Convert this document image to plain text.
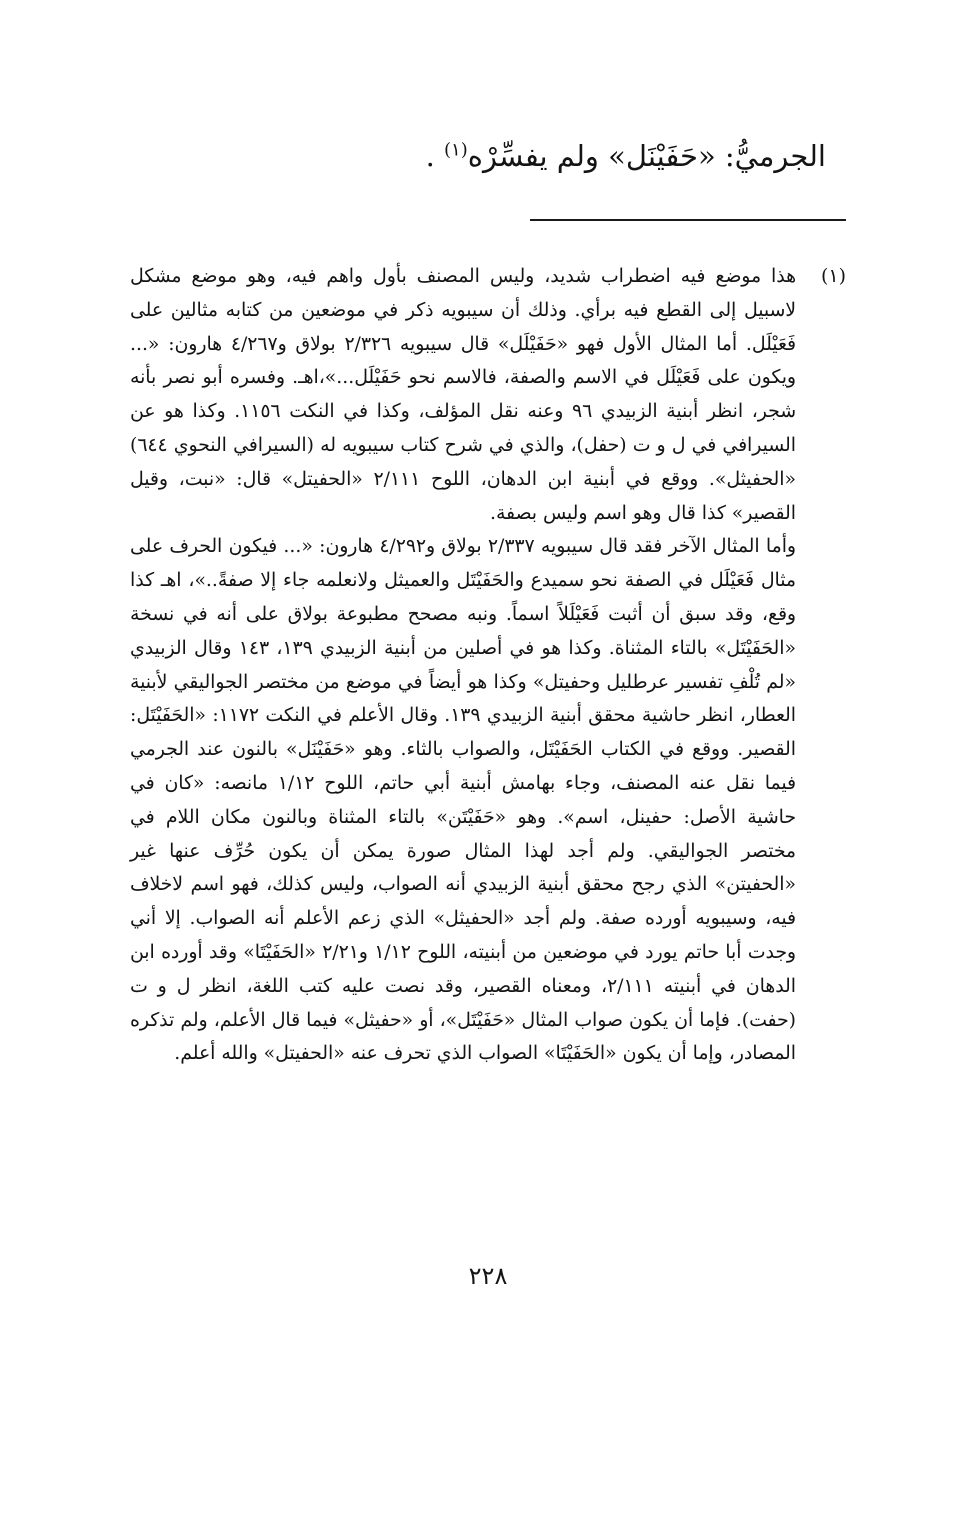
الجرميُّ: «حَفَيْنَل» ولم يفسِّرْه$^{(١)}$ .
(١)

هذا موضع فيه اضطراب شديد، وليس المصنف بأول واهم فيه، وهو موضع مشكل لاسبيل إلى القطع فيه برأي. وذلك أن سيبويه ذكر في موضعين من كتابه مثالين على فَعَيْلَل. أما المثال الأول فهو «حَفَيْلَل» قال سيبويه ٢/٣٢٦ بولاق و٤/٢٦٧ هارون: «... ويكون على فَعَيْلَل في الاسم والصفة، فالاسم نحو حَفَيْلَل...»،اهـ. وفسره أبو نصر بأنه شجر، انظر أبنية الزبيدي ٩٦ وعنه نقل المؤلف، وكذا في النكت ١١٥٦. وكذا هو عن السيرافي في ل و ت (حفل)، والذي في شرح كتاب سيبويه له (السيرافي النحوي ٦٤٤) «الحفيثل». ووقع في أبنية ابن الدهان، اللوح ٢/١١١ «الحفيتل» قال: «نبت، وقيل القصير» كذا قال وهو اسم وليس بصفة.

وأما المثال الآخر فقد قال سيبويه ٢/٣٣٧ بولاق و٤/٢٩٢ هارون: «... فيكون الحرف على مثال فَعَيْلَل في الصفة نحو سميدع والحَفَيْتَل والعميثل ولانعلمه جاء إلا صفةً..»، اهـ كذا وقع، وقد سبق أن أثبت فَعَيْلَلاً اسماً. ونبه مصحح مطبوعة بولاق على أنه في نسخة «الحَفَيْتَل» بالتاء المثناة. وكذا هو في أصلين من أبنية الزبيدي ١٣٩، ١٤٣ وقال الزبيدي «لم تُلْفِ تفسير عرطليل وحفيتل» وكذا هو أيضاً في موضع من مختصر الجواليقي لأبنية العطار، انظر حاشية محقق أبنية الزبيدي ١٣٩. وقال الأعلم في النكت ١١٧٢: «الحَفَيْتَل: القصير. ووقع في الكتاب الحَفَيْتَل، والصواب بالثاء. وهو «حَفَيْنَل» بالنون عند الجرمي فيما نقل عنه المصنف، وجاء بهامش أبنية أبي حاتم، اللوح ١/١٢ مانصه: «كان في حاشية الأصل: حفينل، اسم». وهو «حَفَيْتَن» بالتاء المثناة وبالنون مكان اللام في مختصر الجواليقي. ولم أجد لهذا المثال صورة يمكن أن يكون حُرِّف عنها غير «الحفيتن» الذي رجح محقق أبنية الزبيدي أنه الصواب، وليس كذلك، فهو اسم لاخلاف فيه، وسيبويه أورده صفة. ولم أجد «الحفيثل» الذي زعم الأعلم أنه الصواب. إلا أني وجدت أبا حاتم يورد في موضعين من أبنيته، اللوح ١/١٢ و٢/٢١ «الحَفَيْتَا» وقد أورده ابن الدهان في أبنيته ٢/١١١، ومعناه القصير، وقد نصت عليه كتب اللغة، انظر ل و ت (حفت). فإما أن يكون صواب المثال «حَفَيْتَل»، أو «حفيثل» فيما قال الأعلم، ولم تذكره المصادر، وإما أن يكون «الحَفَيْتَا» الصواب الذي تحرف عنه «الحفيتل» والله أعلم.

٢٢٨
